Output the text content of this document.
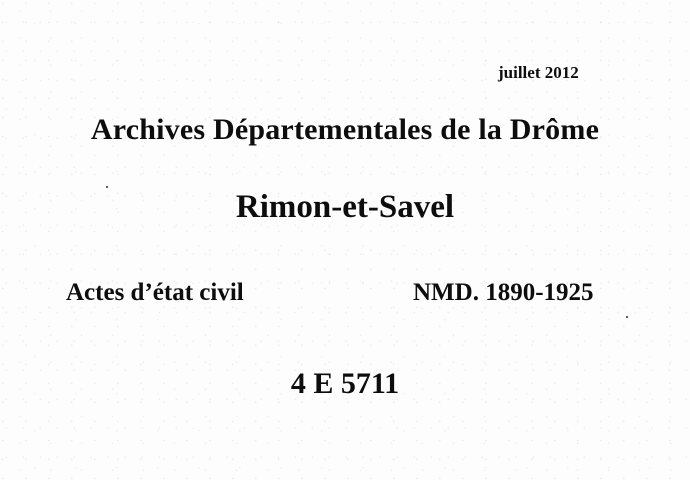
juillet 2012
Archives Départementales de la Drôme
Rimon-et-Savel
Actes d’état civil	NMD. 1890-1925
4 E 5711
